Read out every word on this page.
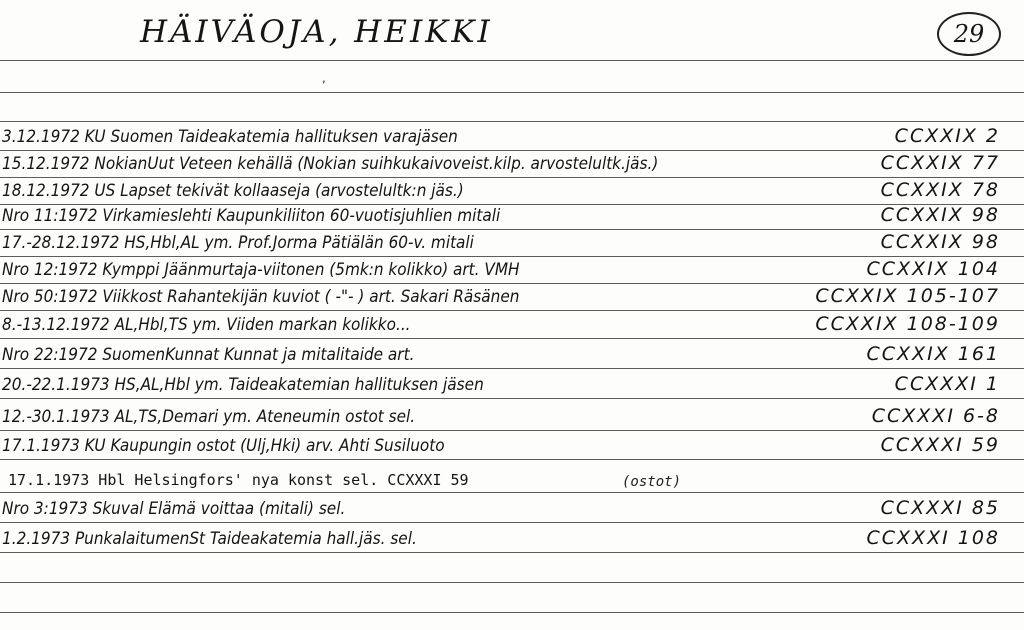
HÄIVÄOJA, HEIKKI	29
,
3.12.1972 KU Suomen Taideakatemia hallituksen varajäsen	CCXXIX 2
15.12.1972 NokianUut Veteen kehällä (Nokian suihkukaivoveist.kilp. arvostelultk.jäs.)	CCXXIX 77
18.12.1972 US Lapset tekivät kollaaseja (arvostelultk:n jäs.)	CCXXIX 78
Nro 11:1972 Virkamieslehti Kaupunkiliiton 60-vuotisjuhlien mitali	CCXXIX 98
17.-28.12.1972 HS,Hbl,AL ym. Prof.Jorma Pätiälän 60-v. mitali	CCXXIX 98
Nro 12:1972 Kymppi Jäänmurtaja-viitonen (5mk:n kolikko) art. VMH	CCXXIX 104
Nro 50:1972 Viikkost Rahantekijän kuviot ( -"- ) art. Sakari Räsänen	CCXXIX 105-107
8.-13.12.1972 AL,Hbl,TS ym. Viiden markan kolikko...	CCXXIX 108-109
Nro 22:1972 SuomenKunnat Kunnat ja mitalitaide art.	CCXXIX 161
20.-22.1.1973 HS,AL,Hbl ym. Taideakatemian hallituksen jäsen	CCXXXI 1
12.-30.1.1973 AL,TS,Demari ym. Ateneumin ostot sel.	CCXXXI 6-8
17.1.1973 KU Kaupungin ostot (Ulj,Hki) arv. Ahti Susiluoto	CCXXXI 59
17.1.1973 Hbl Helsingfors' nya konst sel. CCXXXI 59	(ostot)
Nro 3:1973 Skuval Elämä voittaa (mitali) sel.	CCXXXI 85
1.2.1973 PunkalaitumenSt Taideakatemia hall.jäs. sel.	CCXXXI 108
